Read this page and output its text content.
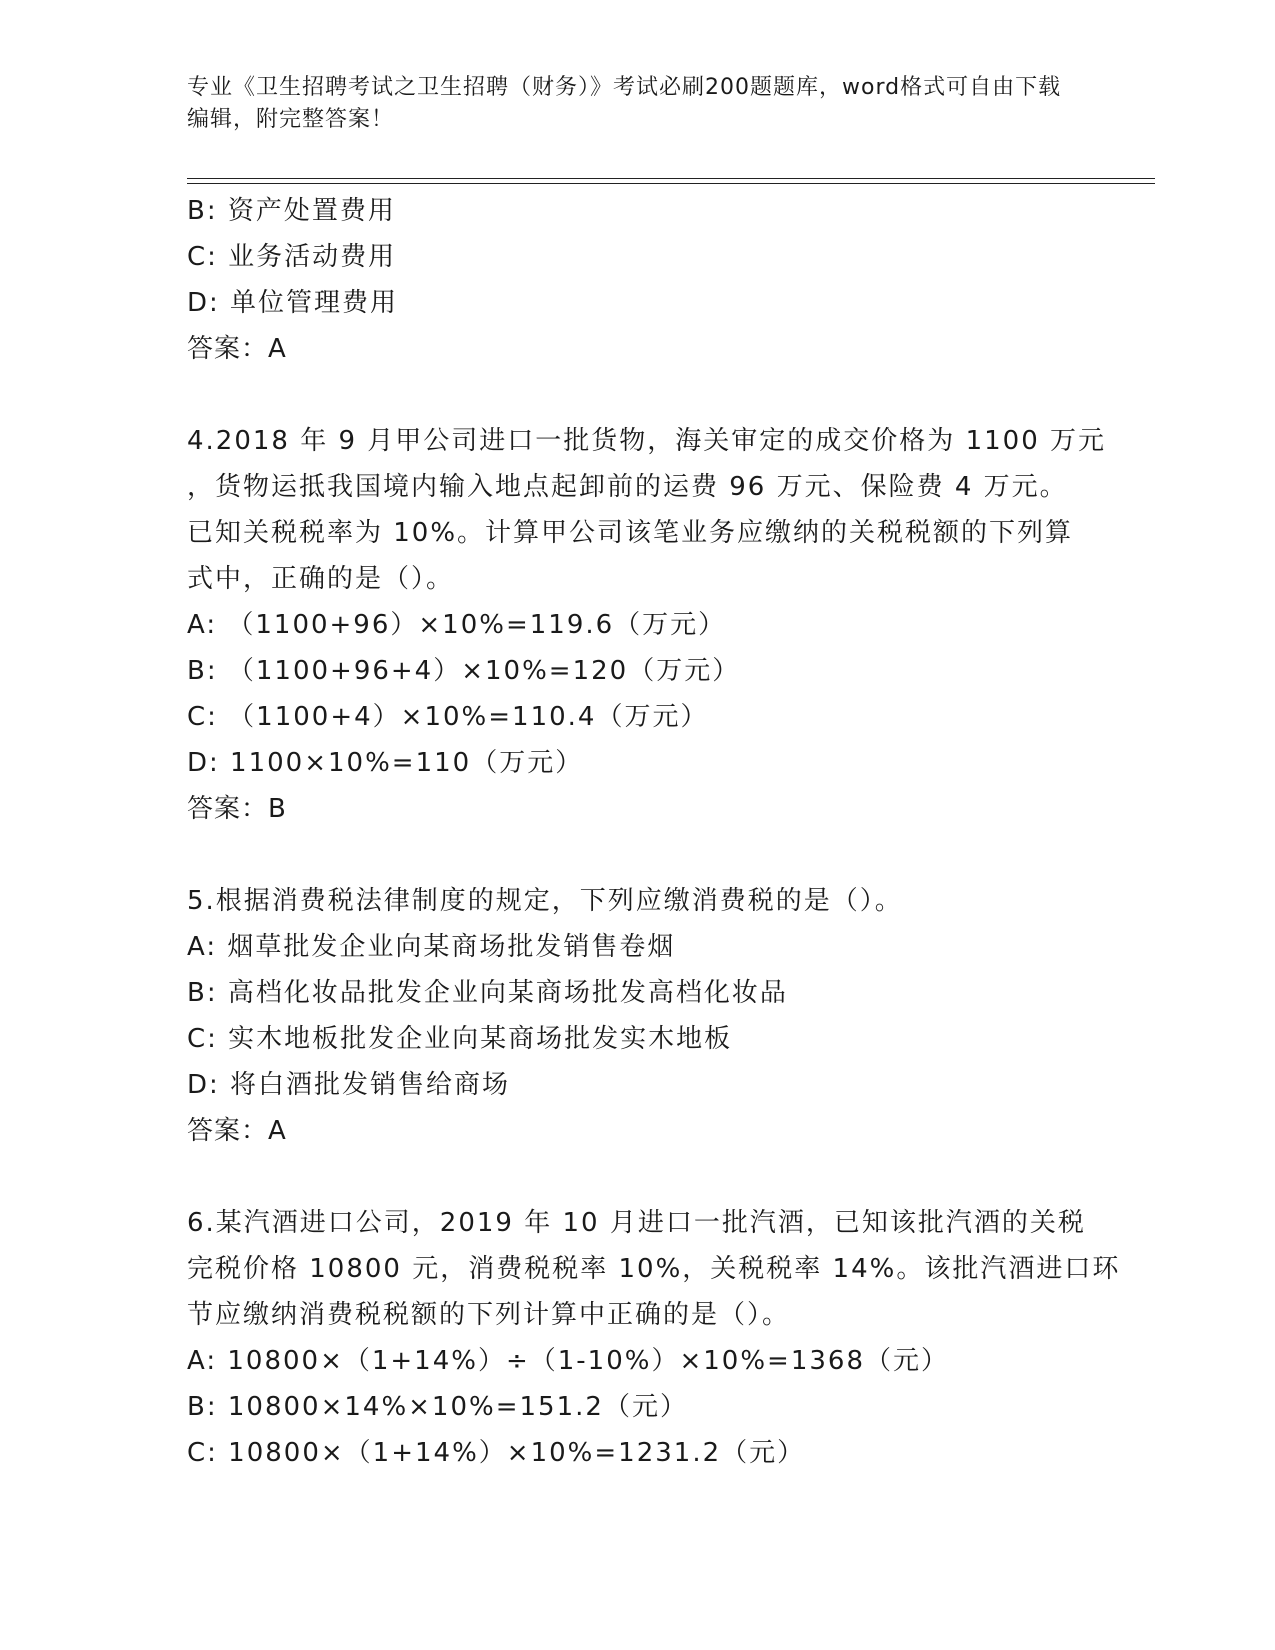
专业《卫生招聘考试之卫生招聘（财务）》考试必刷200题题库，word格式可自由下载编辑，附完整答案！
B: 资产处置费用
C: 业务活动费用
D: 单位管理费用
答案：A
4.2018 年 9 月甲公司进口一批货物，海关审定的成交价格为 1100 万元
，货物运抵我国境内输入地点起卸前的运费 96 万元、保险费 4 万元。
已知关税税率为 10%。计算甲公司该笔业务应缴纳的关税税额的下列算
式中，正确的是（）。
A: （1100+96）×10%=119.6（万元）
B: （1100+96+4）×10%=120（万元）
C: （1100+4）×10%=110.4（万元）
D: 1100×10%=110（万元）
答案：B
5.根据消费税法律制度的规定，下列应缴消费税的是（）。
A: 烟草批发企业向某商场批发销售卷烟
B: 高档化妆品批发企业向某商场批发高档化妆品
C: 实木地板批发企业向某商场批发实木地板
D: 将白酒批发销售给商场
答案：A
6.某汽酒进口公司，2019 年 10 月进口一批汽酒，已知该批汽酒的关税
完税价格 10800 元，消费税税率 10%，关税税率 14%。该批汽酒进口环
节应缴纳消费税税额的下列计算中正确的是（）。
A: 10800×（1+14%）÷（1-10%）×10%=1368（元）
B: 10800×14%×10%=151.2（元）
C: 10800×（1+14%）×10%=1231.2（元）
